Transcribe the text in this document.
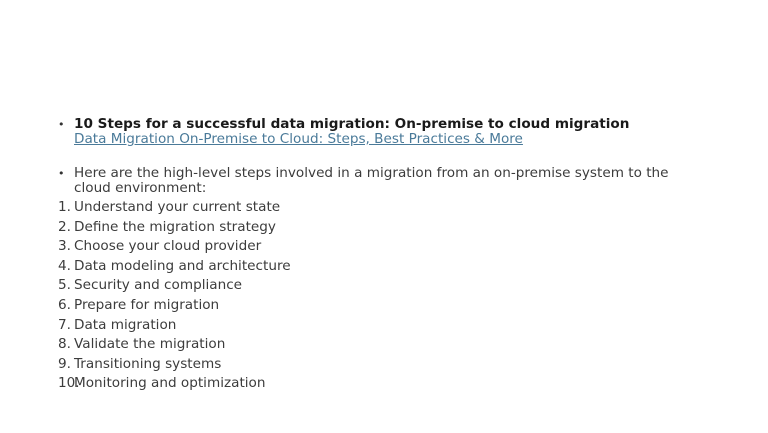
• 10 Steps for a successful data migration: On-premise to cloud migration
Data Migration On-Premise to Cloud: Steps, Best Practices & More
• Here are the high-level steps involved in a migration from an on-premise system to the cloud environment:
1. Understand your current state
2. Define the migration strategy
3. Choose your cloud provider
4. Data modeling and architecture
5. Security and compliance
6. Prepare for migration
7. Data migration
8. Validate the migration
9. Transitioning systems
10.
Monitoring and optimization
